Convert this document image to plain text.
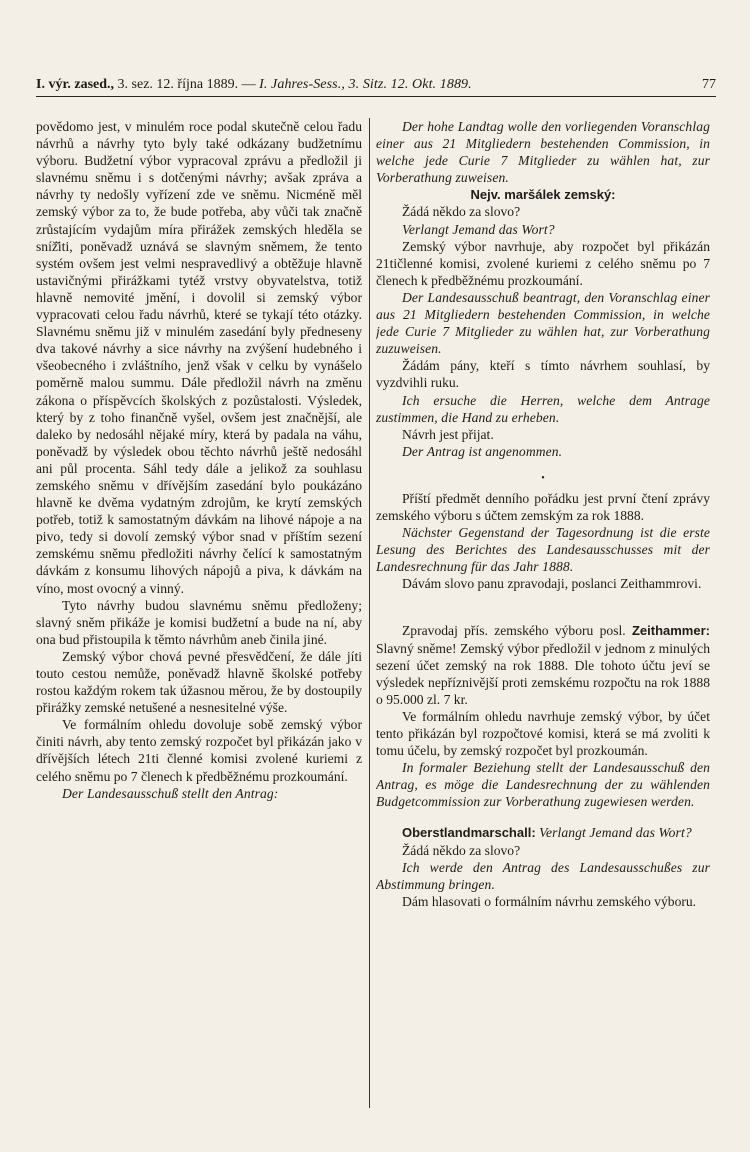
I. výr. zased., 3. sez. 12. října 1889. — I. Jahres-Sess., 3. Sitz. 12. Okt. 1889.	77

povědomo jest, v minulém roce podal skutečně celou řadu návrhů a návrhy tyto byly také odkázany budžetnímu výboru. Budžetní výbor vypracoval zprávu a předložil ji slavnému sněmu i s dotčenými návrhy; avšak zpráva a návrhy ty nedošly vyřízení zde ve sněmu. Nicméně měl zemský výbor za to, že bude potřeba, aby vůči tak značně zrůstajícím vydajům míra přirážek zemských hleděla se sníž̌iti, poněvadž uznává se slavným sněmem, že tento systém ovšem jest velmi nespravedlivý a obtěžuje hlavně ustavičnými přirážkami tytéž vrstvy obyvatelstva, totiž hlavně nemovité jmění, i dovolil si zemský výbor vypracovati celou řadu návrhů, které se tykají této otázky. Slavnému sněmu již v minulém zasedání byly předneseny dva takové návrhy a sice návrhy na zvýšení hudebného i všeobecného i zvláštního, jenž však v celku by vynášelo poměrně malou summu. Dále předložil návrh na změnu zákona o příspěvcích školských z pozůstalosti. Výsledek, který by z toho finančně vyšel, ovšem jest značnější, ale daleko by nedosáhl nějaké míry, která by padala na váhu, poněvadž by výsledek obou těchto návrhů ještě nedosáhl ani půl procenta. Sáhl tedy dále a jelikož za souhlasu zemského sněmu v dřívějším zasedání bylo poukázáno hlavně ke dvěma vydatným zdrojům, ke krytí zemských potřeb, totiž k samostatným dávkám na lihové nápoje a na pivo, tedy si dovolí zemský výbor snad v příštím sezení zemskému sněmu předložiti návrhy čelící k samostatným dávkám z konsumu lihových nápojů a piva, k dávkám na víno, most ovocný a vinný.

Tyto návrhy budou slavnému sněmu předloženy; slavný sněm přikáže je komisi budžetní a bude na ní, aby ona bud přistoupila k těmto návrhům aneb činila jiné.

Zemský výbor chová pevné přesvědčení, že dále jíti touto cestou nemůže, poněvadž hlavně školské potřeby rostou každým rokem tak úžasnou měrou, že by dostoupily přirážky zemské netušené a nesnesitelné výše.

Ve formálním ohledu dovoluje sobě zemský výbor činiti návrh, aby tento zemský rozpočet byl přikázán jako v dřívějších létech 21ti členné komisi zvolené kuriemi z celého sněmu po 7 členech k předběžnému prozkoumání.

Der Landesausschuß stellt den Antrag:

Der hohe Landtag wolle den vorliegenden Voranschlag einer aus 21 Mitgliedern bestehenden Commission, in welche jede Curie 7 Mitglieder zu wählen hat, zur Vorberathung zuweisen.

Nejv. maršálek zemský:

Žádá někdo za slovo?

Verlangt Jemand das Wort?

Zemský výbor navrhuje, aby rozpočet byl přikázán 21tičlenné komisi, zvolené kuriemi z celého sněmu po 7 členech k předběžnému prozkoumání.

Der Landesausschuß beantragt, den Voranschlag einer aus 21 Mitgliedern bestehenden Commission, in welche jede Curie 7 Mitglieder zu wählen hat, zur Vorberathung zuzuweisen.

Žádám pány, kteří s tímto návrhem souhlasí, by vyzdvihli ruku.

Ich ersuche die Herren, welche dem Antrage zustimmen, die Hand zu erheben.

Návrh jest přijat.

Der Antrag ist angenommen.

•

Příští předmět denního pořádku jest první čtení zprávy zemského výboru s účtem zemským za rok 1888.

Nächster Gegenstand der Tagesordnung ist die erste Lesung des Berichtes des Landesausschusses mit der Landesrechnung für das Jahr 1888.

Dávám slovo panu zpravodaji, poslanci Zeithammrovi.

Zpravodaj přís. zemského výboru posl. Zeithammer: Slavný sněme! Zemský výbor předložil v jednom z minulých sezení účet zemský na rok 1888. Dle tohoto účtu jeví se výsledek nepříznivější proti zemskému rozpočtu na rok 1888 o 95.000 zl. 7 kr.

Ve formálním ohledu navrhuje zemský výbor, by účet tento přikázán byl rozpočtové komisi, která se má zvoliti k tomu účelu, by zemský rozpočet byl prozkoumán.

In formaler Beziehung stellt der Landesausschuß den Antrag, es möge die Landesrechnung der zu wählenden Budgetcommission zur Vorberathung zugewiesen werden.

Oberstlandmarschall: Verlangt Jemand das Wort?

Žádá někdo za slovo?

Ich werde den Antrag des Landesausschußes zur Abstimmung bringen.

Dám hlasovati o formálním návrhu zemského výboru.
